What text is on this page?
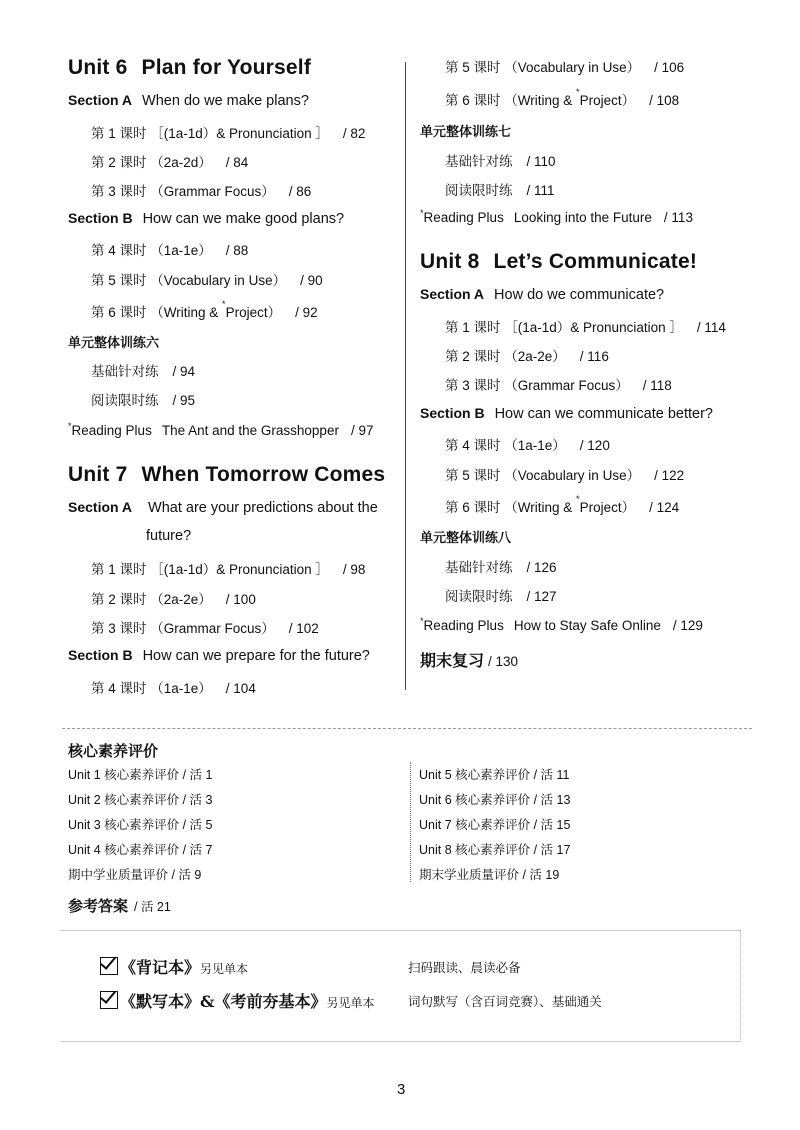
Unit 6 Plan for Yourself
Section A When do we make plans?
第 1 课时 ［(1a-1d）& Pronunciation ］ / 82
第 2 课时 （2a-2d） / 84
第 3 课时 （Grammar Focus） / 86
Section B How can we make good plans?
第 4 课时 （1a-1e） / 88
第 5 课时 （Vocabulary in Use） / 90
第 6 课时 （Writing & *Project） / 92
单元整体训练六
基础针对练 / 94
阅读限时练 / 95
*Reading Plus The Ant and the Grasshopper / 97
Unit 7 When Tomorrow Comes
Section A What are your predictions about the
future?
第 1 课时 ［(1a-1d）& Pronunciation ］ / 98
第 2 课时 （2a-2e） / 100
第 3 课时 （Grammar Focus） / 102
Section B How can we prepare for the future?
第 4 课时 （1a-1e） / 104
第 5 课时 （Vocabulary in Use） / 106
第 6 课时 （Writing & *Project） / 108
单元整体训练七
基础针对练 / 110
阅读限时练 / 111
*Reading Plus Looking into the Future / 113
Unit 8 Let’s Communicate!
Section A How do we communicate?
第 1 课时 ［(1a-1d）& Pronunciation ］ / 114
第 2 课时 （2a-2e） / 116
第 3 课时 （Grammar Focus） / 118
Section B How can we communicate better?
第 4 课时 （1a-1e） / 120
第 5 课时 （Vocabulary in Use） / 122
第 6 课时 （Writing & *Project） / 124
单元整体训练八
基础针对练 / 126
阅读限时练 / 127
*Reading Plus How to Stay Safe Online / 129
期末复习 / 130
核心素养评价
Unit 1 核心素养评价 / 活 1
Unit 2 核心素养评价 / 活 3
Unit 3 核心素养评价 / 活 5
Unit 4 核心素养评价 / 活 7
期中学业质量评价 / 活 9
Unit 5 核心素养评价 / 活 11
Unit 6 核心素养评价 / 活 13
Unit 7 核心素养评价 / 活 15
Unit 8 核心素养评价 / 活 17
期末学业质量评价 / 活 19
参考答案 / 活 21
《背记本》另见单本	扫码跟读、晨读必备
《默写本》&《考前夯基本》另见单本	词句默写（含百词竞赛）、基础通关
3
